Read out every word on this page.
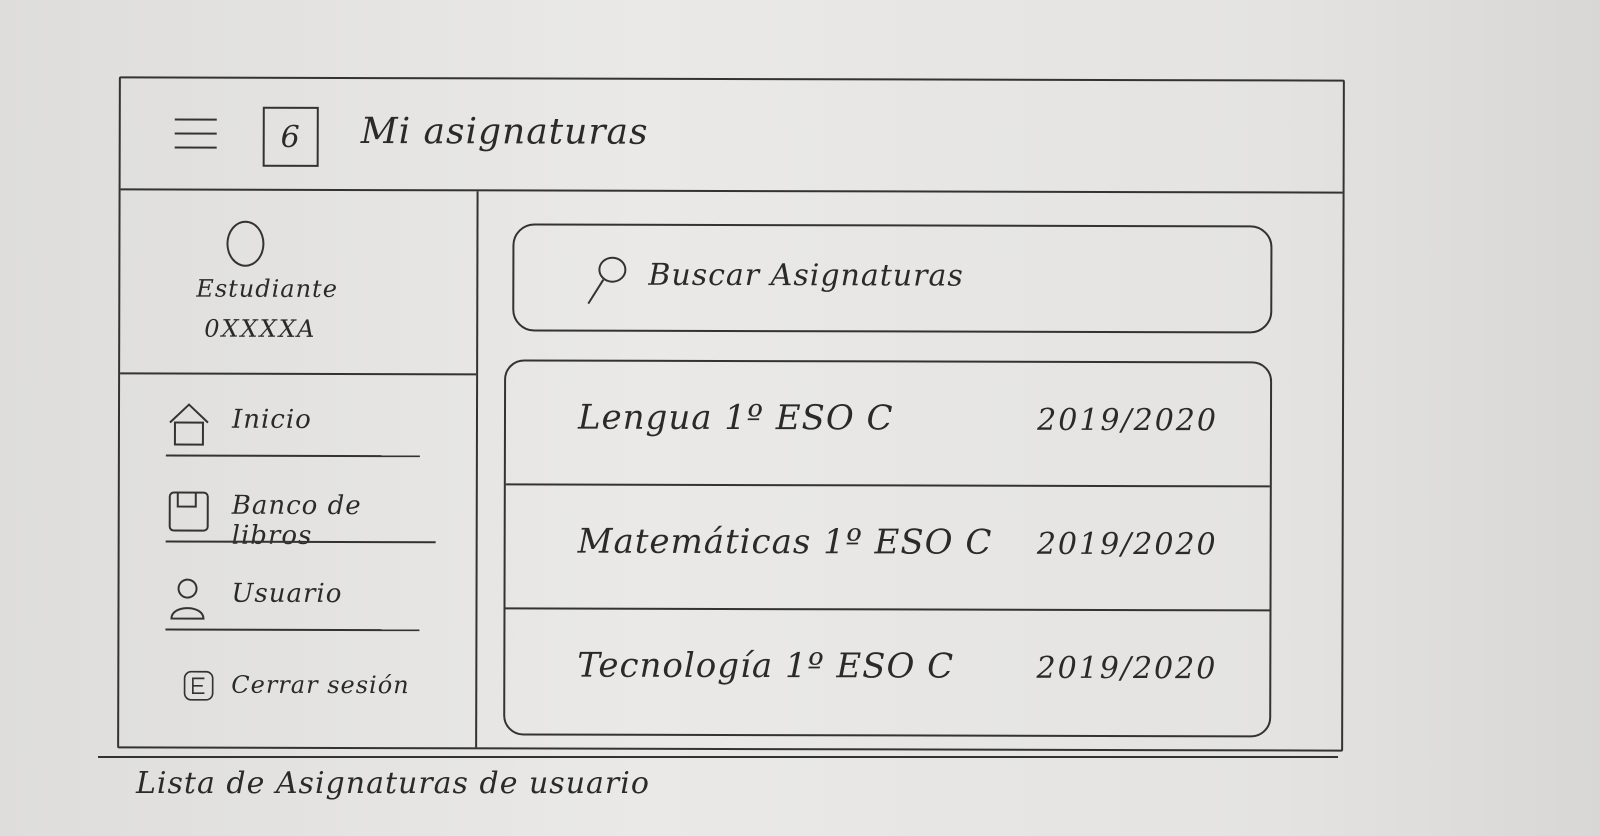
6 Mi asignaturas
Estudiante
0XXXXA
Inicio
Banco de libros
Usuario
Cerrar sesión
Buscar Asignaturas
Lengua 1º ESO C	2019/2020
Matemáticas 1º ESO C 2019/2020
Tecnología 1º ESO C	2019/2020
Lista de Asignaturas de usuario
